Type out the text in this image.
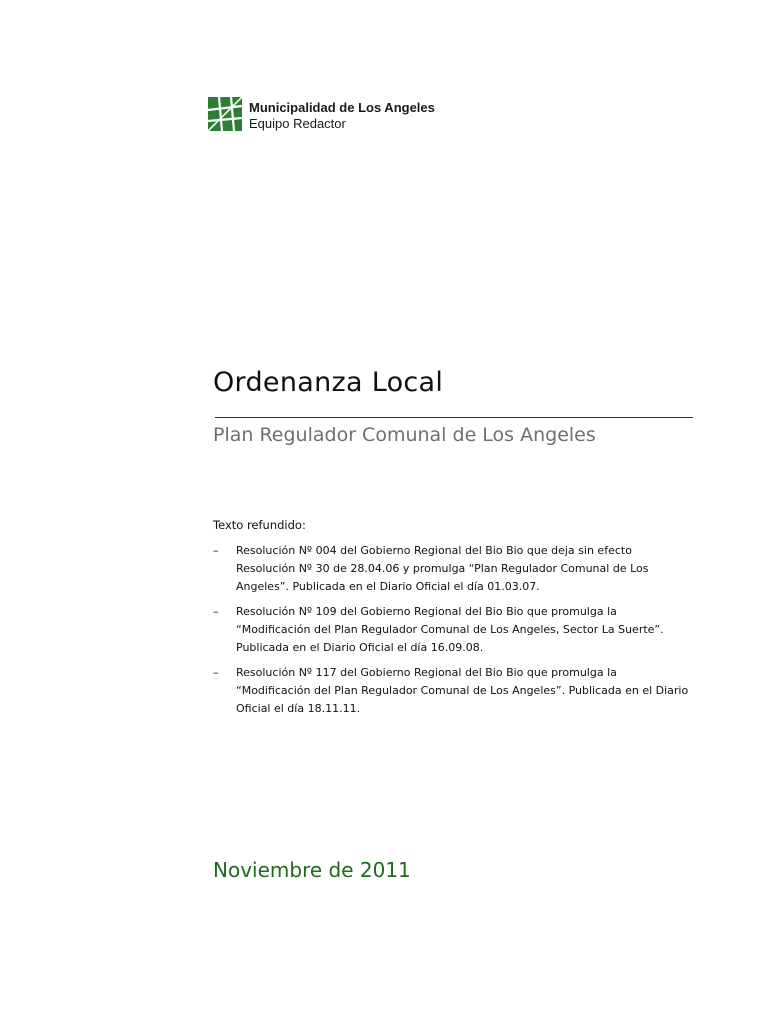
Municipalidad de Los Angeles
Equipo Redactor
Ordenanza Local
Plan Regulador Comunal de Los Angeles
Texto refundido:
– Resolución Nº 004 del Gobierno Regional del Bio Bio que deja sin efecto
Resolución Nº 30 de 28.04.06 y promulga “Plan Regulador Comunal de Los
Angeles”. Publicada en el Diario Oficial el día 01.03.07.
– Resolución Nº 109 del Gobierno Regional del Bio Bio que promulga la
“Modificación del Plan Regulador Comunal de Los Angeles, Sector La Suerte”.
Publicada en el Diario Oficial el día 16.09.08.
– Resolución Nº 117 del Gobierno Regional del Bio Bio que promulga la
“Modificación del Plan Regulador Comunal de Los Angeles”. Publicada en el Diario
Oficial el día 18.11.11.
Noviembre de 2011
